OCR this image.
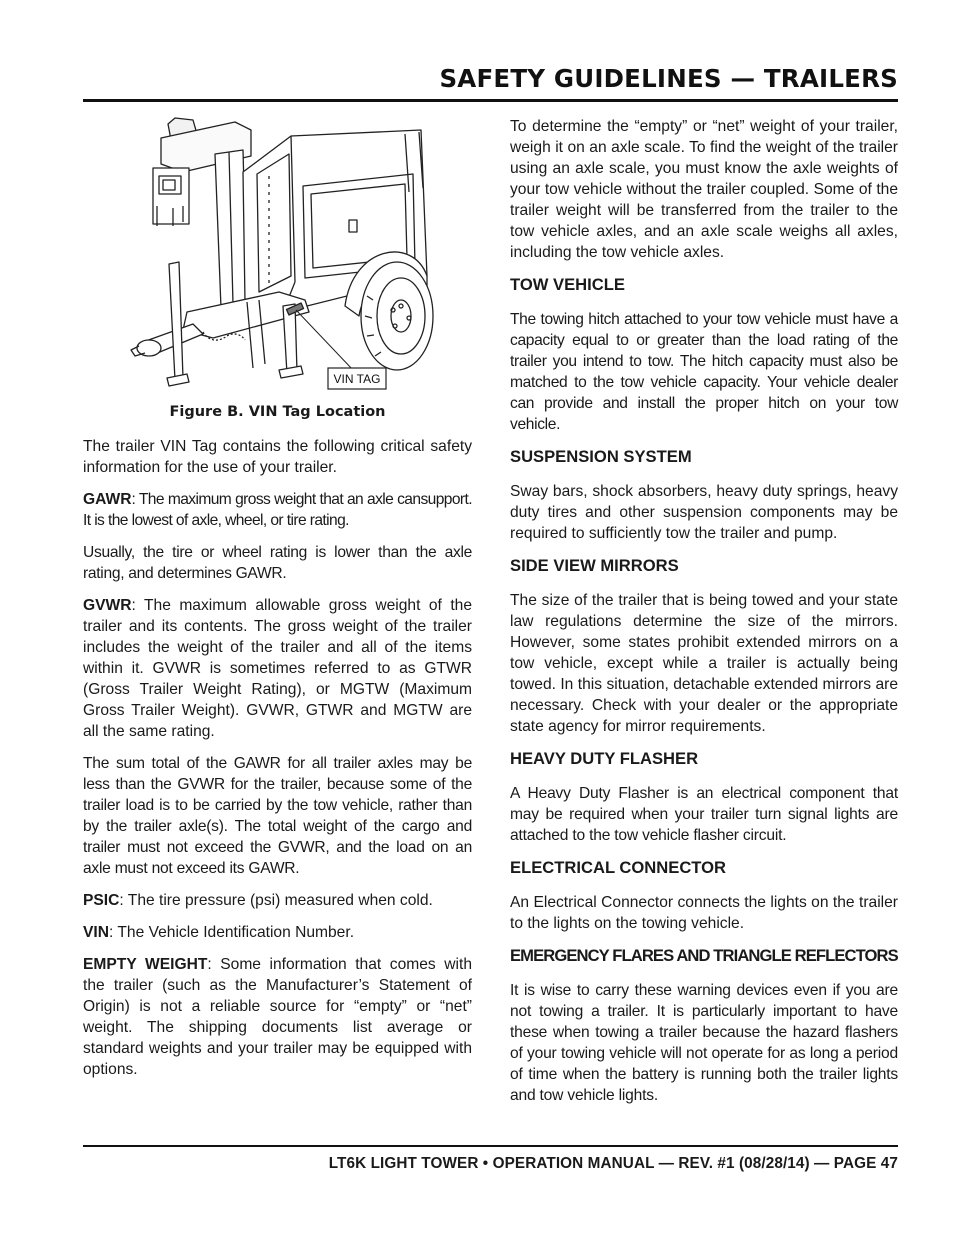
SAFETY GUIDELINES — TRAILERS
VIN TAG
Figure B. VIN Tag Location

The trailer VIN Tag contains the following critical safety information for the use of your trailer.

GAWR: The maximum gross weight that an axle cansupport. It is the lowest of axle, wheel, or tire rating.

Usually, the tire or wheel rating is lower than the axle rating, and determines GAWR.

GVWR: The maximum allowable gross weight of the trailer and its contents. The gross weight of the trailer includes the weight of the trailer and all of the items within it. GVWR is sometimes referred to as GTWR (Gross Trailer Weight Rating), or MGTW (Maximum Gross Trailer Weight). GVWR, GTWR and MGTW are all the same rating.

The sum total of the GAWR for all trailer axles may be less than the GVWR for the trailer, because some of the trailer load is to be carried by the tow vehicle, rather than by the trailer axle(s). The total weight of the cargo and trailer must not exceed the GVWR, and the load on an axle must not exceed its GAWR.

PSIC: The tire pressure (psi) measured when cold.

VIN: The Vehicle Identification Number.

EMPTY WEIGHT: Some information that comes with the trailer (such as the Manufacturer’s Statement of Origin) is not a reliable source for “empty” or “net” weight. The shipping documents list average or standard weights and your trailer may be equipped with options.

To determine the “empty” or “net” weight of your trailer, weigh it on an axle scale. To find the weight of the trailer using an axle scale, you must know the axle weights of your tow vehicle without the trailer coupled. Some of the trailer weight will be transferred from the trailer to the tow vehicle axles, and an axle scale weighs all axles, including the tow vehicle axles.

TOW VEHICLE

The towing hitch attached to your tow vehicle must have a capacity equal to or greater than the load rating of the trailer you intend to tow. The hitch capacity must also be matched to the tow vehicle capacity. Your vehicle dealer can provide and install the proper hitch on your tow vehicle.

SUSPENSION SYSTEM

Sway bars, shock absorbers, heavy duty springs, heavy duty tires and other suspension components may be required to sufficiently tow the trailer and pump.

SIDE VIEW MIRRORS

The size of the trailer that is being towed and your state law regulations determine the size of the mirrors. However, some states prohibit extended mirrors on a tow vehicle, except while a trailer is actually being towed. In this situation, detachable extended mirrors are necessary. Check with your dealer or the appropriate state agency for mirror requirements.

HEAVY DUTY FLASHER

A Heavy Duty Flasher is an electrical component that may be required when your trailer turn signal lights are attached to the tow vehicle flasher circuit.

ELECTRICAL CONNECTOR

An Electrical Connector connects the lights on the trailer to the lights on the towing vehicle.

EMERGENCY FLARES AND TRIANGLE REFLECTORS

It is wise to carry these warning devices even if you are not towing a trailer. It is particularly important to have these when towing a trailer because the hazard flashers of your towing vehicle will not operate for as long a period of time when the battery is running both the trailer lights and tow vehicle lights.

LT6K LIGHT TOWER • OPERATION MANUAL — REV. #1 (08/28/14) — PAGE 47
